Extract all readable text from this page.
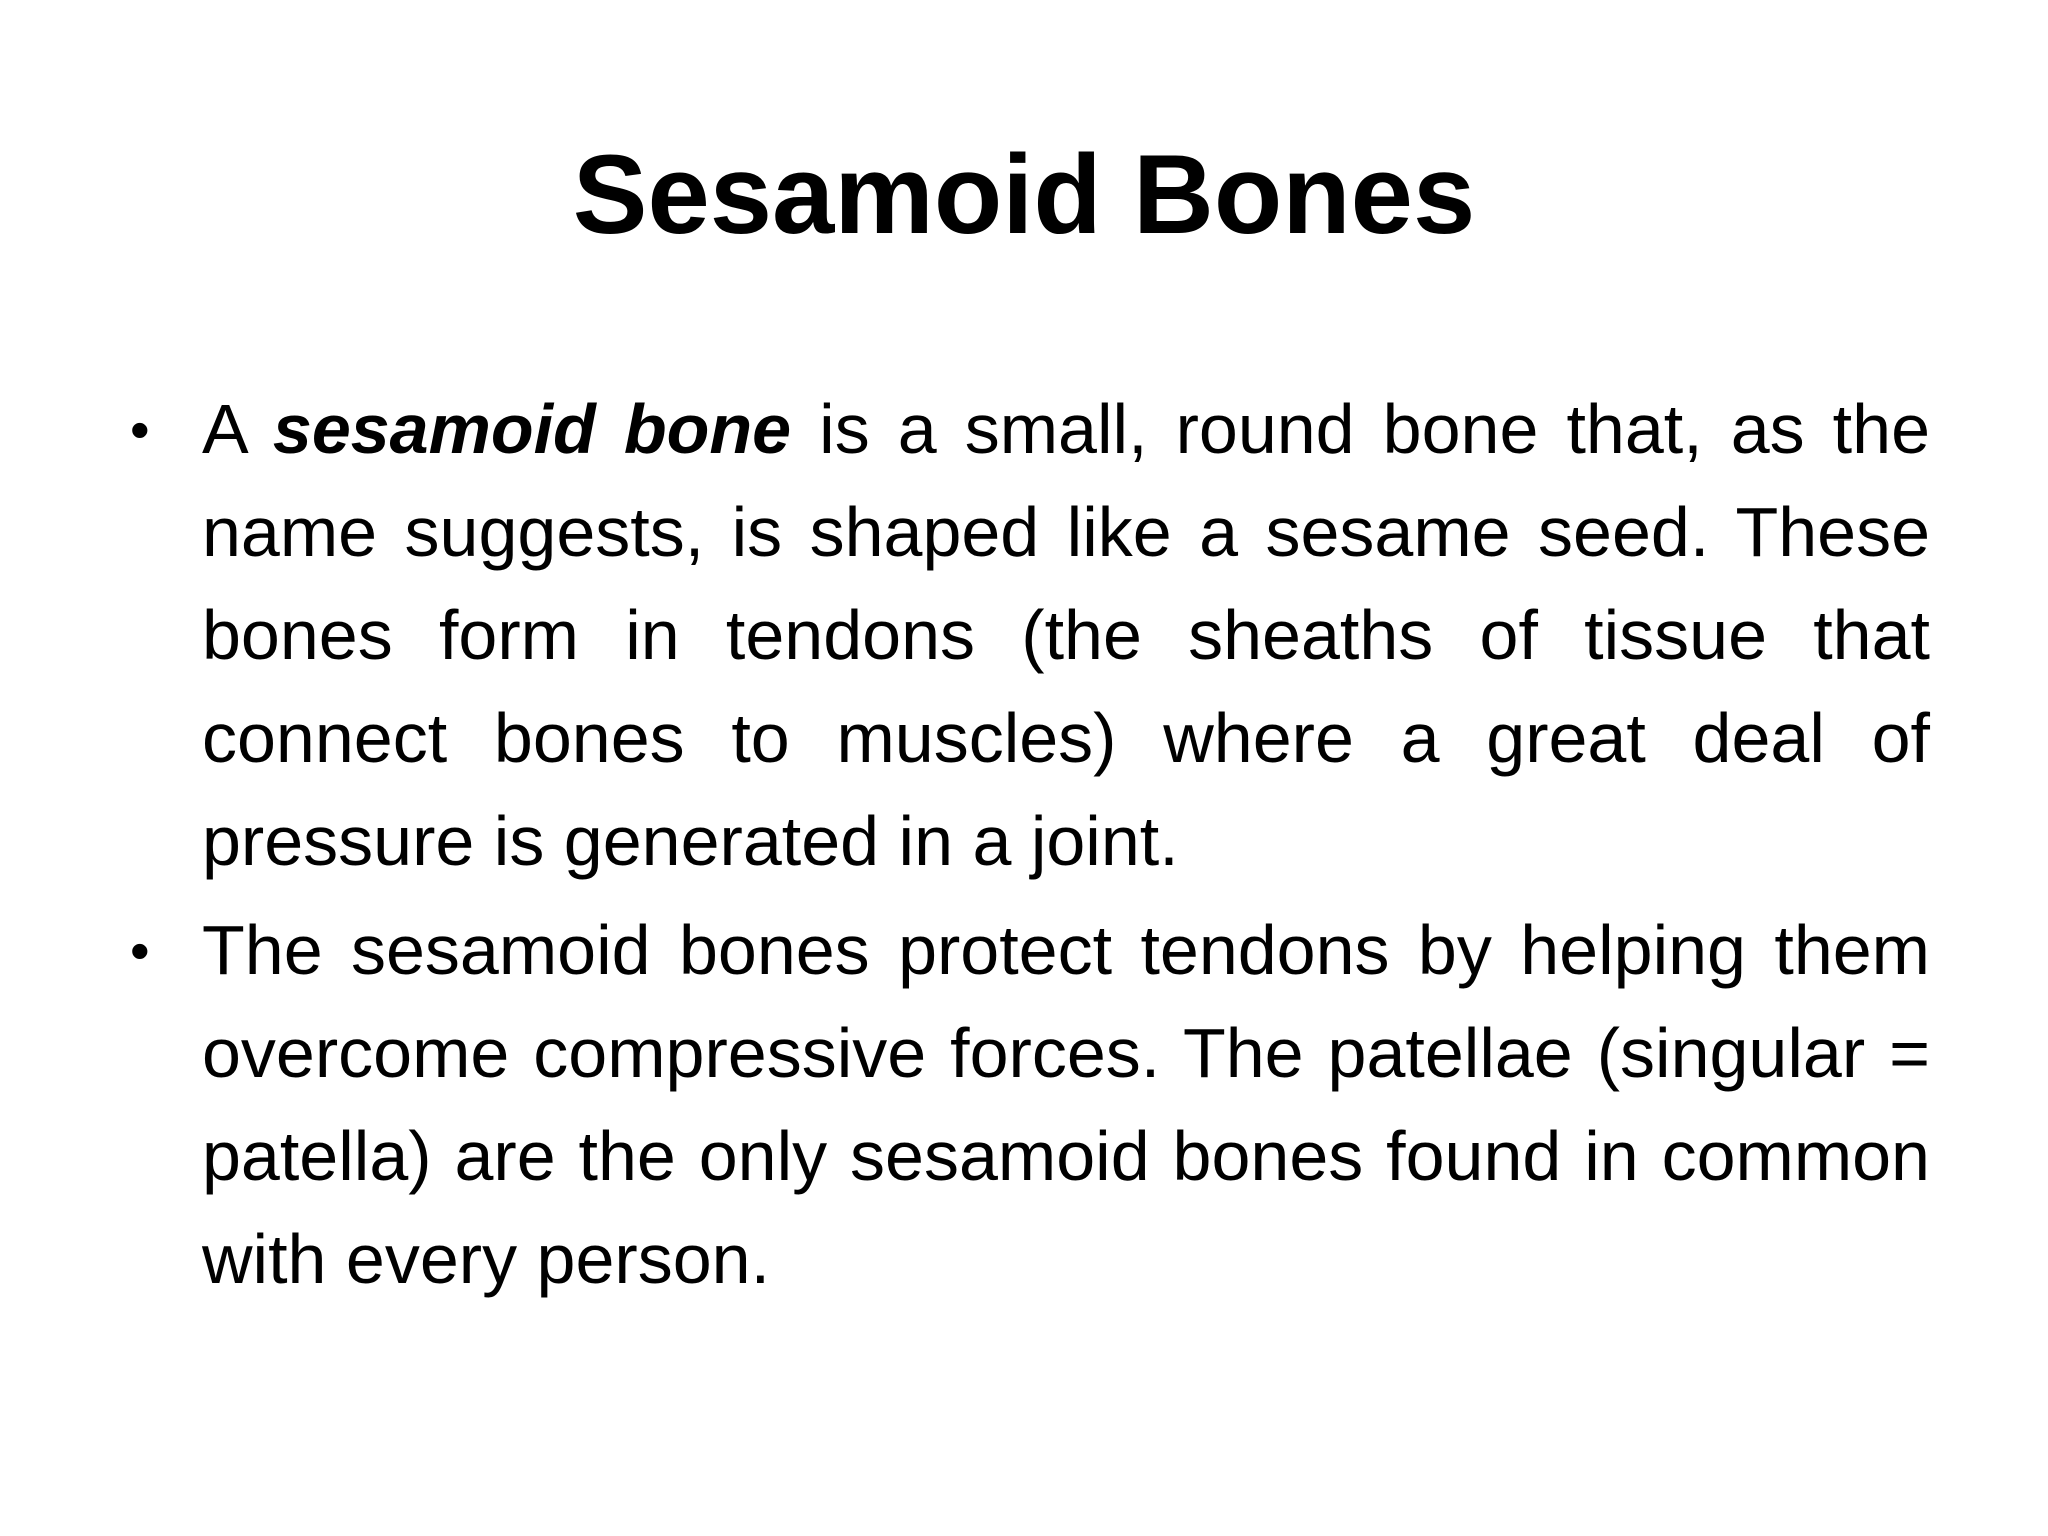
Sesamoid Bones
• A sesamoid bone is a small, round bone that, as the name suggests, is shaped like a sesame seed. These bones form in tendons (the sheaths of tissue that connect bones to muscles) where a great deal of pressure is generated in a joint.

• The sesamoid bones protect tendons by helping them overcome compressive forces. The patellae (singular = patella) are the only sesamoid bones found in common with every person.
